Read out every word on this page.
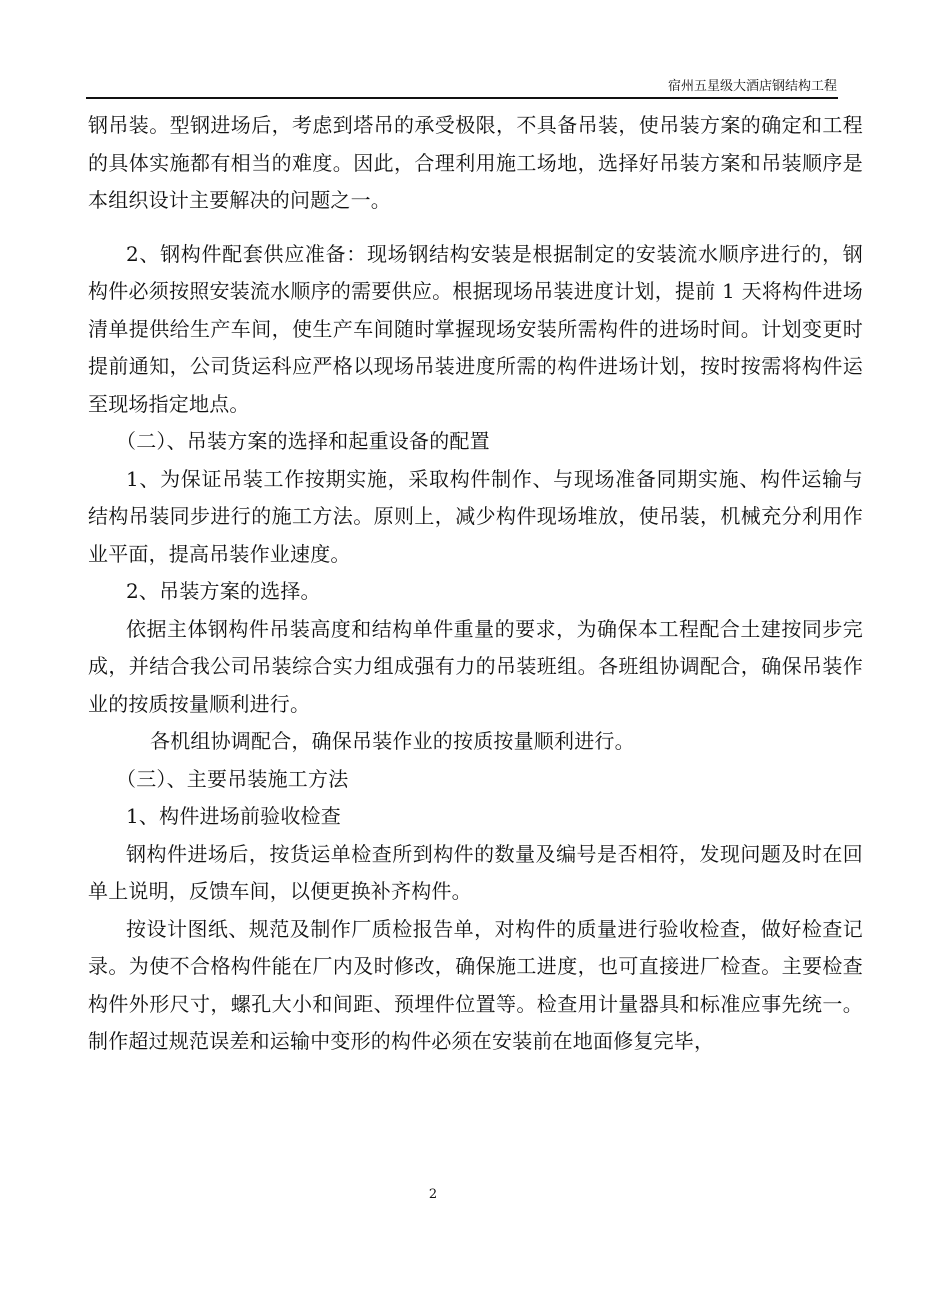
宿州五星级大酒店钢结构工程

钢吊装。型钢进场后，考虑到塔吊的承受极限，不具备吊装，使吊装方案的确定和工程的具体实施都有相当的难度。因此，合理利用施工场地，选择好吊装方案和吊装顺序是本组织设计主要解决的问题之一。

2、钢构件配套供应准备：现场钢结构安装是根据制定的安装流水顺序进行的，钢构件必须按照安装流水顺序的需要供应。根据现场吊装进度计划，提前 1 天将构件进场清单提供给生产车间，使生产车间随时掌握现场安装所需构件的进场时间。计划变更时提前通知，公司货运科应严格以现场吊装进度所需的构件进场计划，按时按需将构件运至现场指定地点。

（二）、吊装方案的选择和起重设备的配置

1、为保证吊装工作按期实施，采取构件制作、与现场准备同期实施、构件运输与结构吊装同步进行的施工方法。原则上，减少构件现场堆放，使吊装，机械充分利用作业平面，提高吊装作业速度。

2、吊装方案的选择。

依据主体钢构件吊装高度和结构单件重量的要求，为确保本工程配合土建按同步完成，并结合我公司吊装综合实力组成强有力的吊装班组。各班组协调配合，确保吊装作业的按质按量顺利进行。

各机组协调配合，确保吊装作业的按质按量顺利进行。

（三）、主要吊装施工方法

1、构件进场前验收检查

钢构件进场后，按货运单检查所到构件的数量及编号是否相符，发现问题及时在回单上说明，反馈车间，以便更换补齐构件。

按设计图纸、规范及制作厂质检报告单，对构件的质量进行验收检查，做好检查记录。为使不合格构件能在厂内及时修改，确保施工进度，也可直接进厂检查。主要检查构件外形尺寸，螺孔大小和间距、预埋件位置等。检查用计量器具和标准应事先统一。制作超过规范误差和运输中变形的构件必须在安装前在地面修复完毕，

2
